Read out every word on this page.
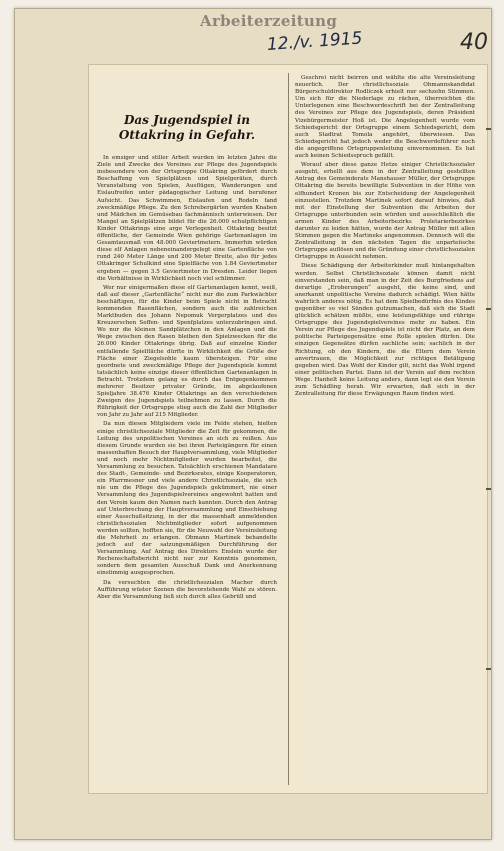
Arbeiterzeitung
12./v. 1915	40
Das Jugendspiel in Ottakring in Gefahr.

In emsiger und stiller Arbeit wurden im letzten Jahre die Ziele und Zwecke des Vereines zur Pflege des Jugendspiels insbesondere von der Ortsgruppe Ottakring gefördert durch Beschaffung von Spielplätzen und Spielgeräten, durch Veranstaltung von Spielen, Ausflügen, Wanderungen und Eislaufreifen unter pädagogischer Leitung und berufener Aufsicht. Das Schwimmen, Eislaufen und Rodeln fand zweckmäßige Pflege. Zu den Schrebergärten wurden Knaben und Mädchen im Gemüsebau fachmännisch unterwiesen. Der Mangel an Spielplätzen bildet für die 26.000 schulpflichtigen Kinder Ottakrings eine arge Verlegenheit. Ottakring besitzt öffentliche, der Gemeinde Wien gehörige Gartenanlagen im Gesamtausmaß von 48.000 Geviertmetern. Immerhin würden diese elf Anlagen nebeneinandergelegt eine Gartenfläche von rund 240 Meter Länge und 200 Meter Breite, also für jedes Ottakringer Schulkind eine Spielfläche von 1.84 Geviertmeter ergeben — gegen 3.5 Geviertmeter in Dresden. Leider liegen die Verhältnisse in Wirklichkeit noch viel schlimmer.

Wer nur einigermaßen diese elf Gartenanlagen kennt, weiß, daß auf dieser „Gartenfläche“ nicht nur die zum Parkwächter beschäftigen, für die Kinder beim Spiele nicht in Betracht kommenden Rasenflächen, sondern auch die zahlreichen Marktbuden des Johann Nepomuk Vergerplatzes und des Kreuzerschen Seffen- und Spenfplatzes unterzubringen sind. Wo nur die kleinen Sandplätzchen in den Anlagen und die Wege zwischen den Rasen bleiben den Spielzwecken für die 26.000 Kinder Ottakrings übrig. Daß auf einzelne Kinder entfallende Spielfläche dürfte in Wirklichkeit die Größe der Fläche einer Ziegelsohle kaum übersteigen. Für eine geordnete und zweckmäßige Pflege der Jugendspiele kommt tatsächlich keine einzige dieser öffentlichen Gartenanlagen in Betracht. Trotzdem gelang es durch das Entgegenkommen mehrerer Besitzer privater Gründe, im abgelaufenen Spieljahre 38.476 Kinder Ottakrings an den verschiedenen Zweigen des Jugendspiels teilnehmen zu lassen. Durch die Rührigkeit der Ortsgruppe stieg auch die Zahl der Mitglieder von Jahr zu Jahr auf 215 Mitglieder.

Da nun diesen Mitgliedern viele im Felde stehen, hielten einige christlichsoziale Mitglieder die Zeit für gekommen, die Leitung des unpolitischen Vereines an sich zu reißen. Aus diesem Grunde wurden sie bei ihren Parteigängern für einen massenhaften Besuch der Hauptversammlung, viele Mitglieder und noch mehr Nichtmitglieder wurden bearbeitet, die Versammlung zu besuchen. Tatsächlich erschienen Mandatare des Stadt-, Gemeinde- und Bezirksrates, einige Kooperatoren, ein Pfarrmesner und viele andere Christlichsoziale, die sich nie um die Pflege des Jugendspiels gekümmert, nie einer Versammlung des Jugendspielvereines angewohnt hatten und den Verein kaum den Namen nach kannten. Durch den Antrag auf Unterbrechung der Hauptversammlung und Einschiebung einer Ausschußsitzung, in der die massenhaft anmeldenden christlichsozialen Nichtmitglieder sofort aufgenommen werden sollten, hofften sie, für die Neuwahl der Vereinsleitung die Mehrheit zu erlangen. Obmann Martinek behandelte jedoch auf der satzungsmäßigen Durchführung der Versammlung. Auf Antrag des Direktors Enslein wurde der Rechenschaftsbericht nicht nur zur Kenntnis genommen, sondern dem gesamten Ausschuß Dank und Anerkennung einstimmig ausgesprochen.

Da versuchten die christlichsozialen Macher durch Aufführung wüster Szenen die bevorstehende Wahl zu stören. Aber die Versammlung ließ sich durch alles Gebrüll und

Geschrei nicht beirren und wählte die alte Vereinsleitung neuerlich. Der christlichsoziale Ohmannskandidat Bürgerschuldirektor Rodliczek erhielt nur sechzehn Stimmen. Um sich für die Niederlage zu rächen, überreichten die Unterlegenen eine Beschwerdeschrift bei der Zentralleitung des Vereines zur Pflege des Jugendspiels, deren Präsident Vizebürgermeister Hoß ist. Die Angelegenheit wurde vom Schiedsgericht der Ortsgruppe einem Schiedsgericht, dem auch Stadtrat Tomola angehört, überwiesen. Das Schiedsgericht hat jedoch weder die Beschwerdeführer noch die angegriffene Ortsgruppenleitung einvernommen. Es hat auch keinen Schiedsspruch gefällt.

Worauf aber diese ganze Hetze einiger Christlichsozialer ausgeht, erhellt aus dem in der Zentralleitung gestellten Antrag des Gemeinderats Manshauser Müller, der Ortsgruppe Ottakring die bereits bewilligte Subvention in der Höhe von elfhundert Kronen bis zur Entscheidung der Angelegenheit einzustellen. Trotzdem Martinek sofort darauf hinwies, daß mit der Einstellung der Subvention die Arbeiten der Ortsgruppe unterbunden sein würden und ausschließlich die armen Kinder des Arbeiterbezirks Proletarierbezirkes darunter zu leiden hätten, wurde der Antrag Müller mit allen Stimmen gegen die Martineks angenommen. Dennoch will die Zentralleitung in den nächsten Tagen die unparteiische Ortsgruppe auflösen und die Gründung einer christlichsozialen Ortsgruppe in Aussicht nehmen.

Diese Schädigung der Arbeiterkinder muß hintangehalten werden. Selbst Christlichsoziale können damit nicht einverstanden sein, daß man in der Zeit des Burgfriedens auf derartige „Eroberungen“ ausgeht, die keine sind, und anerkannt unpolitische Vereine dadurch schädigt. Wien hätte wahrlich anderes nötig. Es hat dem Spielbedürfnis des Kindes gegenüber so viel Sünden gutzumachen, daß sich die Stadt glücklich schätzen müßte, eine leistungsfähige und rührige Ortsgruppe des Jugendspielvereines mehr zu haben. Ein Verein zur Pflege des Jugendspiels ist nicht der Platz, an dem politische Parteigegensätze eine Rolle spielen dürfen. Die einzigen Gegensätze dürfen sachliche sein; sachlich in der Richtung, ob den Kindern, die die Eltern dem Verein anvertrauen, die Möglichkeit zur richtigen Betätigung gegeben wird. Das Wohl der Kinder gilt, nicht das Wohl irgend einer politischen Partei. Dann ist der Verein auf dem rechten Wege. Hanhelt keine Leitung anders, dann legt sie den Verein zum Schädling herab. Wir erwarten, daß sich in der Zentralleitung für diese Erwägungen Raum finden wird.
